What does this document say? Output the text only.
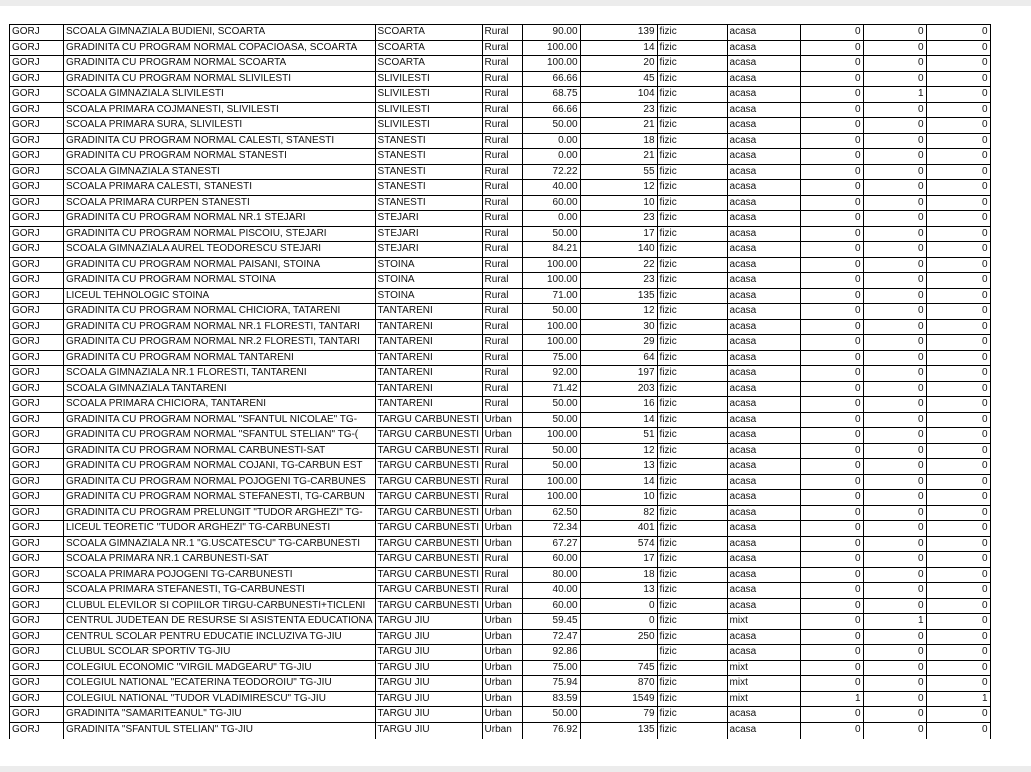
GORJ	SCOALA GIMNAZIALA BUDIENI, SCOARTA	SCOARTA	Rural	90.00	139	fizic	acasa	0	0	0
GORJ	GRADINITA CU PROGRAM NORMAL COPACIOASA, SCOARTA	SCOARTA	Rural	100.00	14	fizic	acasa	0	0	0
GORJ	GRADINITA CU PROGRAM NORMAL SCOARTA	SCOARTA	Rural	100.00	20	fizic	acasa	0	0	0
GORJ	GRADINITA CU PROGRAM NORMAL SLIVILESTI	SLIVILESTI	Rural	66.66	45	fizic	acasa	0	0	0
GORJ	SCOALA GIMNAZIALA SLIVILESTI	SLIVILESTI	Rural	68.75	104	fizic	acasa	0	1	0
GORJ	SCOALA PRIMARA COJMANESTI, SLIVILESTI	SLIVILESTI	Rural	66.66	23	fizic	acasa	0	0	0
GORJ	SCOALA PRIMARA SURA, SLIVILESTI	SLIVILESTI	Rural	50.00	21	fizic	acasa	0	0	0
GORJ	GRADINITA CU PROGRAM NORMAL CALESTI, STANESTI	STANESTI	Rural	0.00	18	fizic	acasa	0	0	0
GORJ	GRADINITA CU PROGRAM NORMAL STANESTI	STANESTI	Rural	0.00	21	fizic	acasa	0	0	0
GORJ	SCOALA GIMNAZIALA STANESTI	STANESTI	Rural	72.22	55	fizic	acasa	0	0	0
GORJ	SCOALA PRIMARA CALESTI, STANESTI	STANESTI	Rural	40.00	12	fizic	acasa	0	0	0
GORJ	SCOALA PRIMARA CURPEN STANESTI	STANESTI	Rural	60.00	10	fizic	acasa	0	0	0
GORJ	GRADINITA CU PROGRAM NORMAL NR.1 STEJARI	STEJARI	Rural	0.00	23	fizic	acasa	0	0	0
GORJ	GRADINITA CU PROGRAM NORMAL PISCOIU, STEJARI	STEJARI	Rural	50.00	17	fizic	acasa	0	0	0
GORJ	SCOALA GIMNAZIALA AUREL TEODORESCU STEJARI	STEJARI	Rural	84.21	140	fizic	acasa	0	0	0
GORJ	GRADINITA CU PROGRAM NORMAL PAISANI, STOINA	STOINA	Rural	100.00	22	fizic	acasa	0	0	0
GORJ	GRADINITA CU PROGRAM NORMAL STOINA	STOINA	Rural	100.00	23	fizic	acasa	0	0	0
GORJ	LICEUL TEHNOLOGIC STOINA	STOINA	Rural	71.00	135	fizic	acasa	0	0	0
GORJ	GRADINITA CU PROGRAM NORMAL CHICIORA, TATARENI	TANTARENI	Rural	50.00	12	fizic	acasa	0	0	0
GORJ	GRADINITA CU PROGRAM NORMAL NR.1 FLORESTI, TANTARI	TANTARENI	Rural	100.00	30	fizic	acasa	0	0	0
GORJ	GRADINITA CU PROGRAM NORMAL NR.2 FLORESTI, TANTARI	TANTARENI	Rural	100.00	29	fizic	acasa	0	0	0
GORJ	GRADINITA CU PROGRAM NORMAL TANTARENI	TANTARENI	Rural	75.00	64	fizic	acasa	0	0	0
GORJ	SCOALA GIMNAZIALA NR.1 FLORESTI, TANTARENI	TANTARENI	Rural	92.00	197	fizic	acasa	0	0	0
GORJ	SCOALA GIMNAZIALA TANTARENI	TANTARENI	Rural	71.42	203	fizic	acasa	0	0	0
GORJ	SCOALA PRIMARA CHICIORA, TANTARENI	TANTARENI	Rural	50.00	16	fizic	acasa	0	0	0
GORJ	GRADINITA CU PROGRAM NORMAL "SFANTUL NICOLAE" TG-	TARGU CARBUNESTI	Urban	50.00	14	fizic	acasa	0	0	0
GORJ	GRADINITA CU PROGRAM NORMAL "SFANTUL STELIAN" TG-(	TARGU CARBUNESTI	Urban	100.00	51	fizic	acasa	0	0	0
GORJ	GRADINITA CU PROGRAM NORMAL CARBUNESTI-SAT	TARGU CARBUNESTI	Rural	50.00	12	fizic	acasa	0	0	0
GORJ	GRADINITA CU PROGRAM NORMAL COJANI, TG-CARBUN EST	TARGU CARBUNESTI	Rural	50.00	13	fizic	acasa	0	0	0
GORJ	GRADINITA CU PROGRAM NORMAL POJOGENI TG-CARBUNES	TARGU CARBUNESTI	Rural	100.00	14	fizic	acasa	0	0	0
GORJ	GRADINITA CU PROGRAM NORMAL STEFANESTI, TG-CARBUN	TARGU CARBUNESTI	Rural	100.00	10	fizic	acasa	0	0	0
GORJ	GRADINITA CU PROGRAM PRELUNGIT "TUDOR ARGHEZI" TG-	TARGU CARBUNESTI	Urban	62.50	82	fizic	acasa	0	0	0
GORJ	LICEUL TEORETIC "TUDOR ARGHEZI" TG-CARBUNESTI	TARGU CARBUNESTI	Urban	72.34	401	fizic	acasa	0	0	0
GORJ	SCOALA GIMNAZIALA NR.1 "G.USCATESCU" TG-CARBUNESTI	TARGU CARBUNESTI	Urban	67.27	574	fizic	acasa	0	0	0
GORJ	SCOALA PRIMARA NR.1 CARBUNESTI-SAT	TARGU CARBUNESTI	Rural	60.00	17	fizic	acasa	0	0	0
GORJ	SCOALA PRIMARA POJOGENI TG-CARBUNESTI	TARGU CARBUNESTI	Rural	80.00	18	fizic	acasa	0	0	0
GORJ	SCOALA PRIMARA STEFANESTI, TG-CARBUNESTI	TARGU CARBUNESTI	Rural	40.00	13	fizic	acasa	0	0	0
GORJ	CLUBUL ELEVILOR SI COPIILOR TIRGU-CARBUNESTI+TICLENI	TARGU CARBUNESTI	Urban	60.00	0	fizic	acasa	0	0	0
GORJ	CENTRUL JUDETEAN DE RESURSE SI ASISTENTA EDUCATIONA	TARGU JIU	Urban	59.45	0	fizic	mixt	0	1	0
GORJ	CENTRUL SCOLAR PENTRU EDUCATIE INCLUZIVA TG-JIU	TARGU JIU	Urban	72.47	250	fizic	acasa	0	0	0
GORJ	CLUBUL SCOLAR SPORTIV TG-JIU	TARGU JIU	Urban	92.86		fizic	acasa	0	0	0
GORJ	COLEGIUL ECONOMIC "VIRGIL MADGEARU" TG-JIU	TARGU JIU	Urban	75.00	745	fizic	mixt	0	0	0
GORJ	COLEGIUL NATIONAL "ECATERINA TEODOROIU" TG-JIU	TARGU JIU	Urban	75.94	870	fizic	mixt	0	0	0
GORJ	COLEGIUL NATIONAL "TUDOR VLADIMIRESCU" TG-JIU	TARGU JIU	Urban	83.59	1549	fizic	mixt	1	0	1
GORJ	GRADINITA "SAMARITEANUL" TG-JIU	TARGU JIU	Urban	50.00	79	fizic	acasa	0	0	0
GORJ	GRADINITA "SFANTUL STELIAN" TG-JIU	TARGU JIU	Urban	76.92	135	fizic	acasa	0	0	0
